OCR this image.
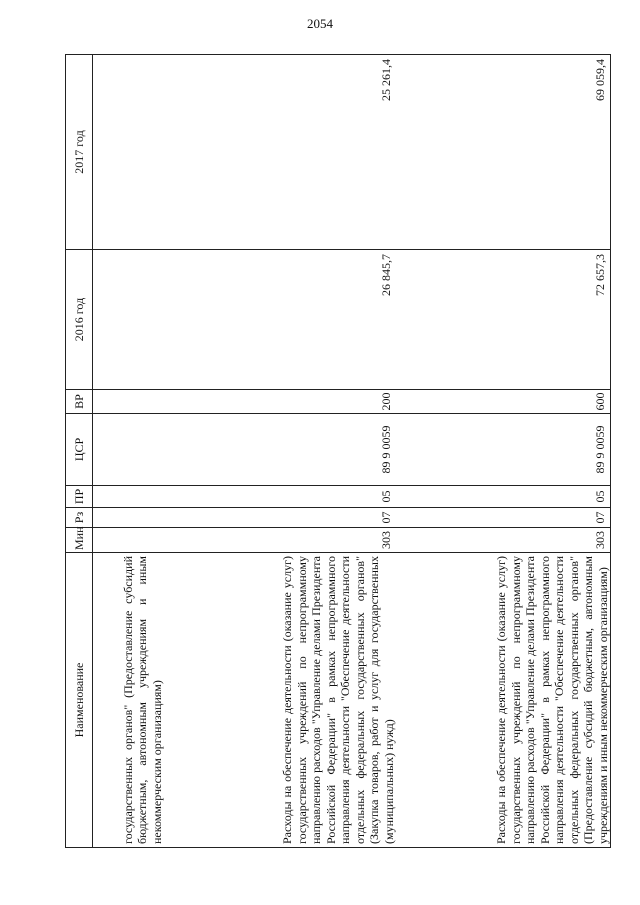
2054
Наименование	Мин	Рз	ПР	ЦСР	ВР	2016 год	2017 год

государственных органов" (Предоставление субсидий бюджетным, автономным учреждениям и иным некоммерческим организациям)							

Расходы на обеспечение деятельности (оказание услуг) государственных учреждений по непрограммному направлению расходов "Управление делами Президента Российской Федерации" в рамках непрограммного направления деятельности "Обеспечение деятельности отдельных федеральных государственных органов" (Закупка товаров, работ и услуг для государственных (муниципальных) нужд)	303	07	05	89 9 0059	200	26 845,7	25 261,4

Расходы на обеспечение деятельности (оказание услуг) государственных учреждений по непрограммному направлению расходов "Управление делами Президента Российской Федерации" в рамках непрограммного направления деятельности "Обеспечение деятельности отдельных федеральных государственных органов" (Предоставление субсидий бюджетным, автономным учреждениям и иным некоммерческим организациям)	303	07	05	89 9 0059	600	72 657,3	69 059,4
